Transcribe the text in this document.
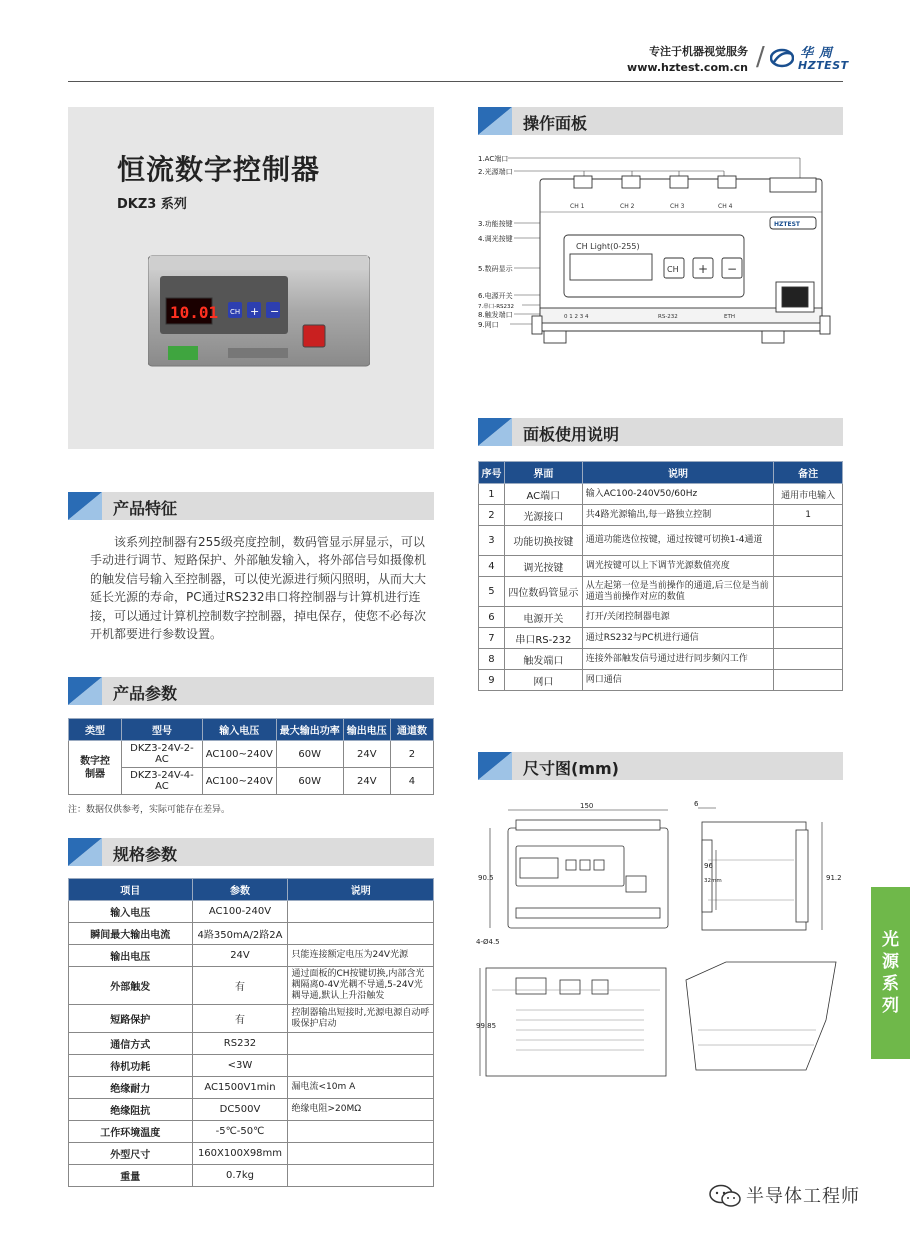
专注于机器视觉服务
www.hztest.com.cn /	华周
HZTEST
恒流数字控制器
DKZ3 系列
10.01 CH + −
产品特征
该系列控制器有255级亮度控制，数码管显示屏显示，可以手动进行调节、短路保护、外部触发输入，将外部信号如摄像机的触发信号输入至控制器，可以使光源进行频闪照明，从而大大延长光源的寿命，PC通过RS232串口将控制器与计算机进行连接，可以通过计算机控制数字控制器，掉电保存，使您不必每次开机都要进行参数设置。
产品参数
类型	型号	输入电压	最大输出功率	输出电压	通道数
数字控制器	DKZ3-24V-2-AC	AC100~240V	60W	24V	2
	DKZ3-24V-4-AC	AC100~240V	60W	24V	4
注：数据仅供参考，实际可能存在差异。
规格参数
项目	参数	说明
输入电压	AC100-240V	
瞬间最大输出电流	4路350mA/2路2A	
输出电压	24V	只能连接额定电压为24V光源
外部触发	有	通过面板的CH按键切换,内部含光耦隔离0-4V光耦不导通,5-24V光耦导通,默认上升沿触发
短路保护	有	控制器输出短接时,光源电源自动呼吸保护启动
通信方式	RS232	
待机功耗	<3W	
绝缘耐力	AC1500V1min	漏电流<10m A
绝缘阻抗	DC500V	绝缘电阻>20MΩ
工作环境温度	-5℃-50℃	
外型尺寸	160X100X98mm	
重量	0.7kg	
操作面板
1.AC端口
2.光源端口
3.功能按键
4.调光按键
5.数码显示
6.电源开关
7.串口-RS232
8.触发端口
9.网口
CH 1	CH 2	CH 3	CH 4
CH Light(0-255)
CH + −
HZTEST
0 1 2 3 4	RS-232	ETH
面板使用说明
序号	界面	说明	备注
1	AC端口	输入AC100-240V50/60Hz	通用市电输入
2	光源接口	共4路光源输出,每一路独立控制	1
3	功能切换按键	通道功能选位按键，通过按键可切换1-4通道	
4	调光按键	调光按键可以上下调节光源数值亮度	
5	四位数码管显示	从左起第一位是当前操作的通道,后三位是当前通道当前操作对应的数值	
6	电源开关	打开/关闭控制器电源	
7	串口RS-232	通过RS232与PC机进行通信	
8	触发端口	连接外部触发信号通过进行同步频闪工作	
9	网口	网口通信	
尺寸图(mm)
150
90.5
4-Ø4.5
6
96
32mm	91.2
99.85
光
源
系
列
半导体工程师
